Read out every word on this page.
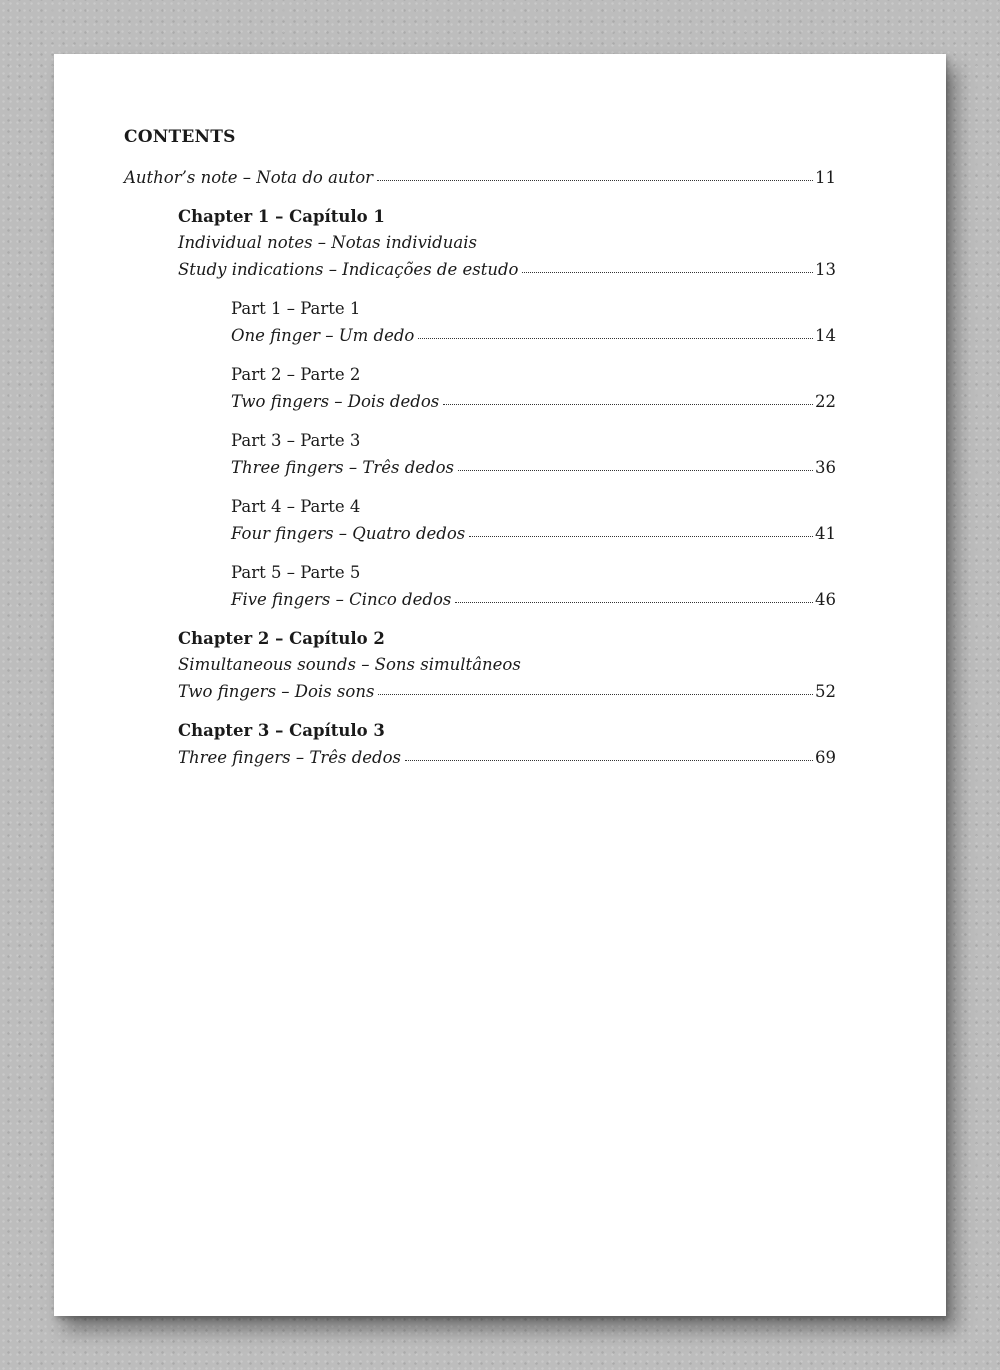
CONTENTS
Author’s note – Nota do autor	11
Chapter 1 – Capítulo 1
Individual notes – Notas individuais
Study indications – Indicações de estudo	13
Part 1 – Parte 1
One finger – Um dedo	14
Part 2 – Parte 2
Two fingers – Dois dedos	22
Part 3 – Parte 3
Three fingers – Três dedos	36
Part 4 – Parte 4
Four fingers – Quatro dedos	41
Part 5 – Parte 5
Five fingers – Cinco dedos	46
Chapter 2 – Capítulo 2
Simultaneous sounds – Sons simultâneos
Two fingers – Dois sons	52
Chapter 3 – Capítulo 3
Three fingers – Três dedos	69
